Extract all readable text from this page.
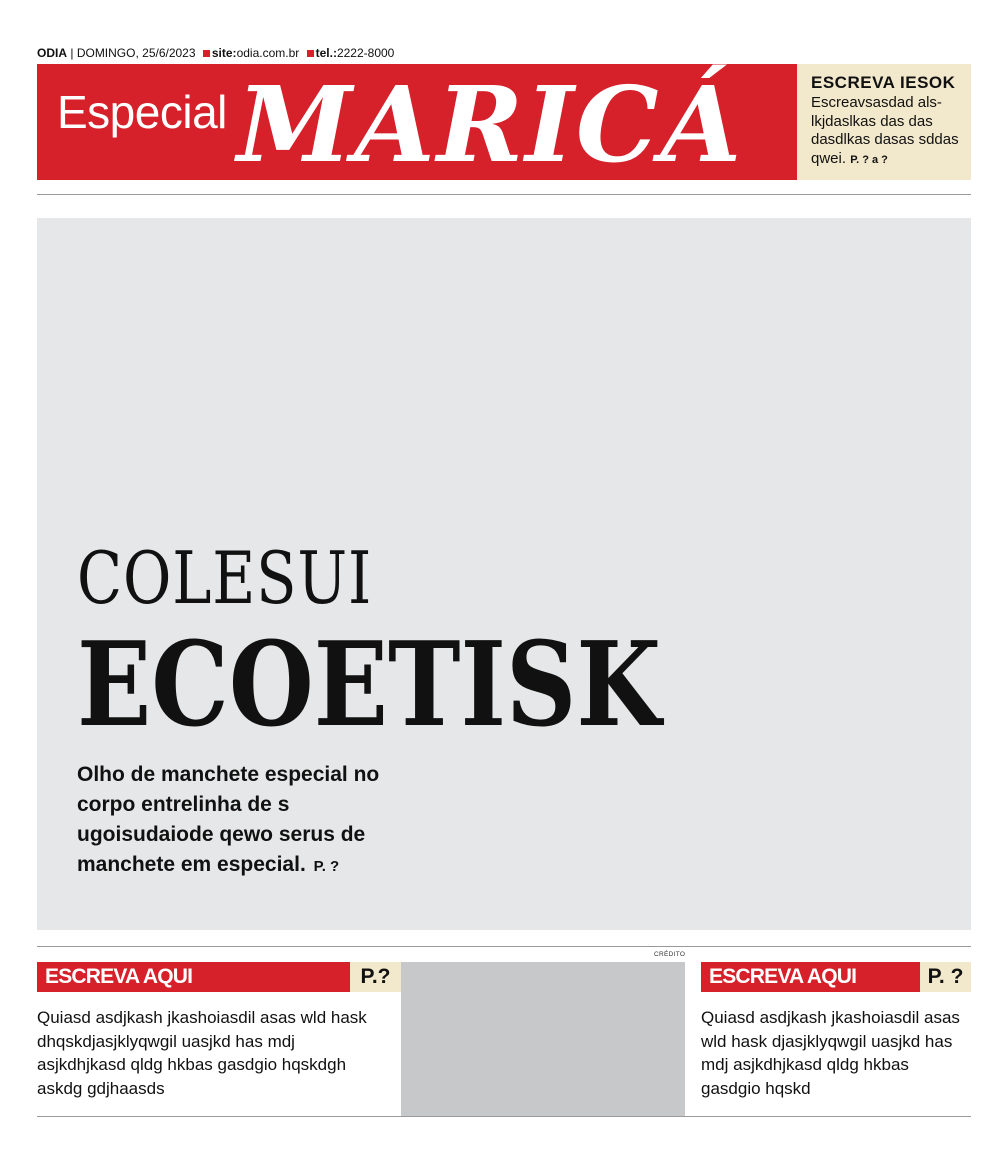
ODIA | DOMINGO, 25/6/2023 site:odia.com.br tel.:2222-8000
Especial MARICÁ	ESCREVA IESOK
Escreavsasdad als-lkjdaslkas das das dasdlkas dasas sddas qwei. P. ? a ?
COLESUI
ECOETISK
Olho de manchete especial no corpo entrelinha de s ugoisudaiode qewo serus de manchete em especial. P. ?
CRÉDITO
ESCREVA AQUI	P.?
Quiasd asdjkash jkashoiasdil asas wld hask dhqskdjasjklyqwgil uasjkd has mdj asjkdhjkasd qldg hkbas gasdgio hqskdgh askdg gdjhaasds
ESCREVA AQUI	P. ?
Quiasd asdjkash jkashoiasdil asas wld hask djasjklyqwgil uasjkd has mdj asjkdhjkasd qldg hkbas gasdgio hqskd
